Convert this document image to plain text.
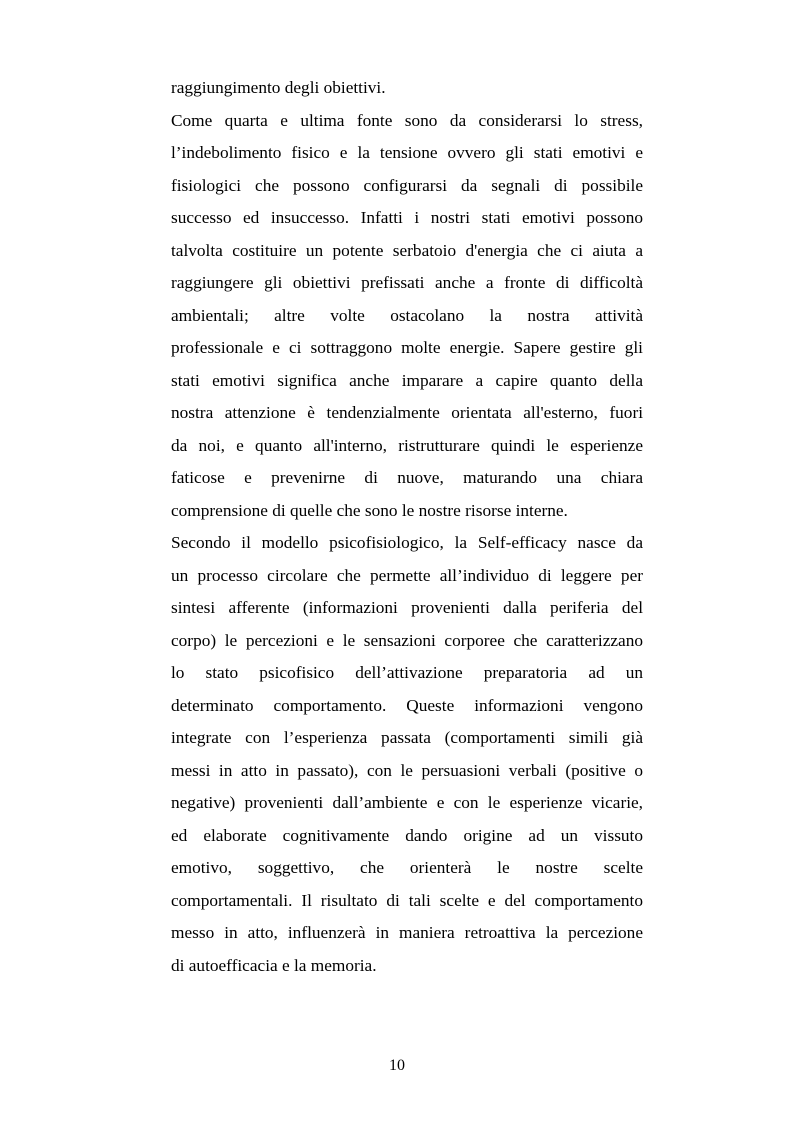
raggiungimento degli obiettivi.
Come quarta e ultima fonte sono da considerarsi lo stress,
l’indebolimento fisico e la tensione ovvero gli stati emotivi e
fisiologici che possono configurarsi da segnali di possibile
successo ed insuccesso. Infatti i nostri stati emotivi possono
talvolta costituire un potente serbatoio d'energia che ci aiuta a
raggiungere gli obiettivi prefissati anche a fronte di difficoltà
ambientali; altre volte ostacolano la nostra attività
professionale e ci sottraggono molte energie. Sapere gestire gli
stati emotivi significa anche imparare a capire quanto della
nostra attenzione è tendenzialmente orientata all'esterno, fuori
da noi, e quanto all'interno, ristrutturare quindi le esperienze
faticose e prevenirne di nuove, maturando una chiara
comprensione di quelle che sono le nostre risorse interne.
Secondo il modello psicofisiologico, la Self-efficacy nasce da
un processo circolare che permette all’individuo di leggere per
sintesi afferente (informazioni provenienti dalla periferia del
corpo) le percezioni e le sensazioni corporee che caratterizzano
lo stato psicofisico dell’attivazione preparatoria ad un
determinato comportamento. Queste informazioni vengono
integrate con l’esperienza passata (comportamenti simili già
messi in atto in passato), con le persuasioni verbali (positive o
negative) provenienti dall’ambiente e con le esperienze vicarie,
ed elaborate cognitivamente dando origine ad un vissuto
emotivo, soggettivo, che orienterà le nostre scelte
comportamentali. Il risultato di tali scelte e del comportamento
messo in atto, influenzerà in maniera retroattiva la percezione
di autoefficacia e la memoria.
10
